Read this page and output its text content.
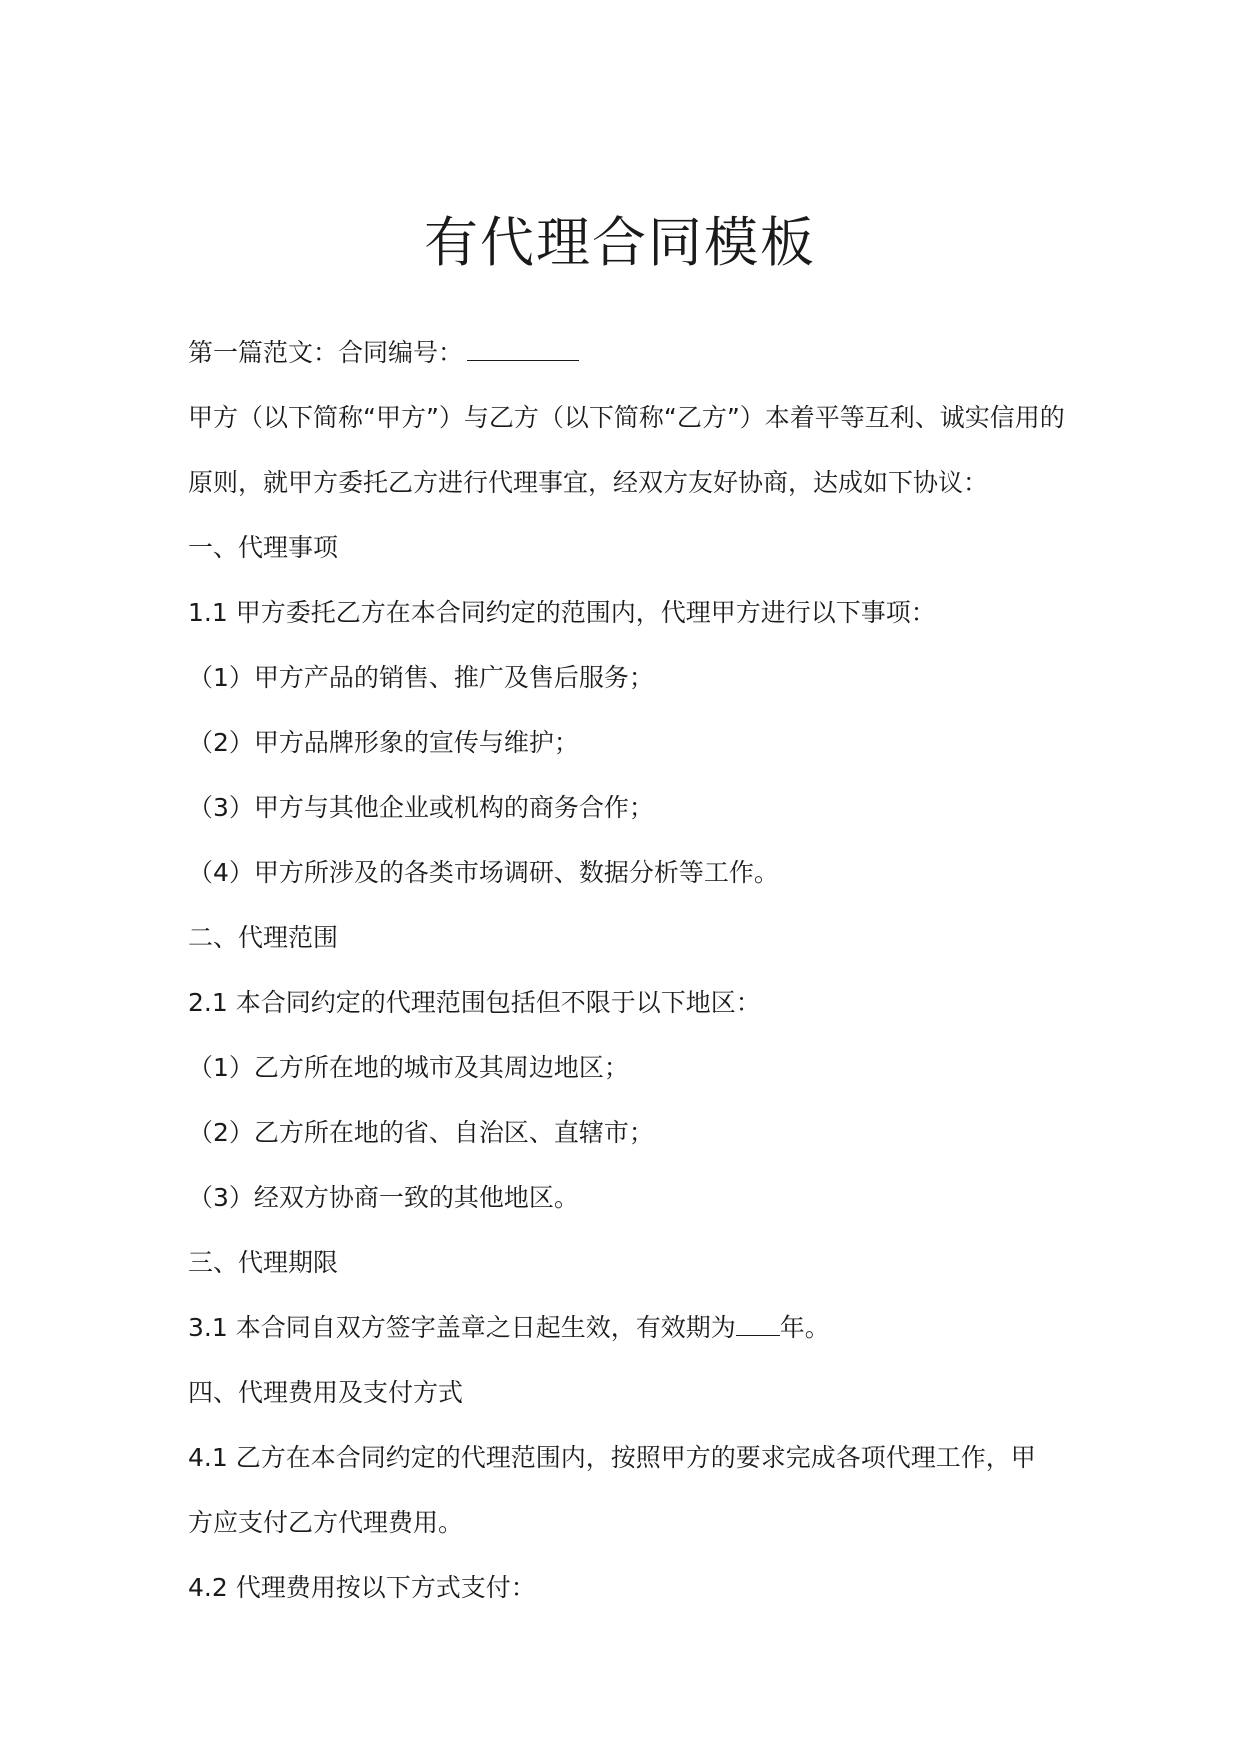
有代理合同模板
第一篇范文：合同编号：
甲方（以下简称“甲方”）与乙方（以下简称“乙方”）本着平等互利、诚实信用的
原则，就甲方委托乙方进行代理事宜，经双方友好协商，达成如下协议：
一、代理事项
1.1 甲方委托乙方在本合同约定的范围内，代理甲方进行以下事项：
（1）甲方产品的销售、推广及售后服务；
（2）甲方品牌形象的宣传与维护；
（3）甲方与其他企业或机构的商务合作；
（4）甲方所涉及的各类市场调研、数据分析等工作。
二、代理范围
2.1 本合同约定的代理范围包括但不限于以下地区：
（1）乙方所在地的城市及其周边地区；
（2）乙方所在地的省、自治区、直辖市；
（3）经双方协商一致的其他地区。
三、代理期限
3.1 本合同自双方签字盖章之日起生效，有效期为 年。
四、代理费用及支付方式
4.1 乙方在本合同约定的代理范围内，按照甲方的要求完成各项代理工作，甲
方应支付乙方代理费用。
4.2 代理费用按以下方式支付：
